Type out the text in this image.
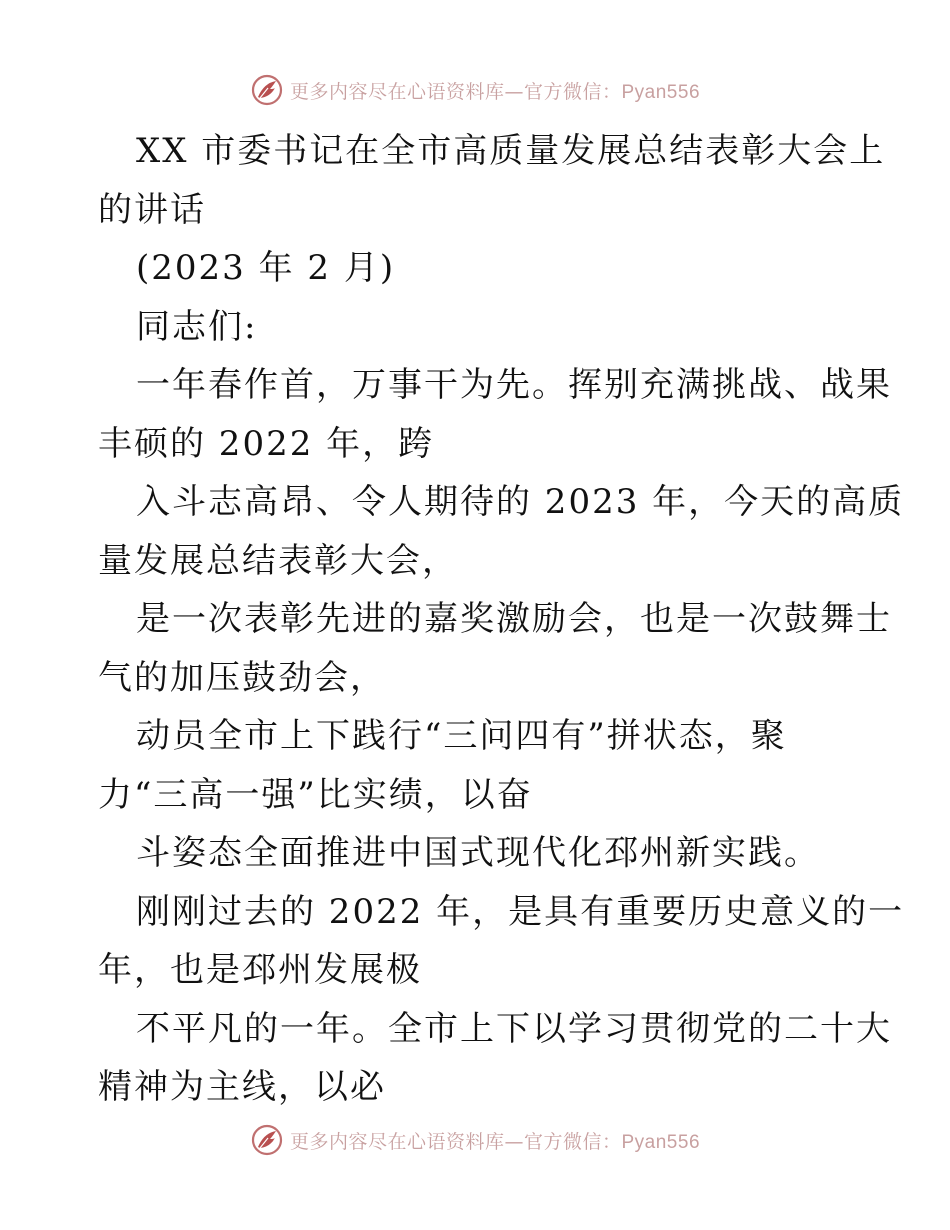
更多内容尽在心语资料库—官方微信：Pyan556
XX 市委书记在全市高质量发展总结表彰大会上
的讲话
(2023 年 2 月)
同志们:
一年春作首，万事干为先。挥别充满挑战、战果
丰硕的 2022 年，跨
入斗志高昂、令人期待的 2023 年，今天的高质
量发展总结表彰大会，
是一次表彰先进的嘉奖激励会，也是一次鼓舞士
气的加压鼓劲会，
动员全市上下践行“三问四有”拼状态，聚
力“三高一强”比实绩，以奋
斗姿态全面推进中国式现代化邳州新实践。
刚刚过去的 2022 年，是具有重要历史意义的一
年，也是邳州发展极
不平凡的一年。全市上下以学习贯彻党的二十大
精神为主线，以必
更多内容尽在心语资料库—官方微信：Pyan556
